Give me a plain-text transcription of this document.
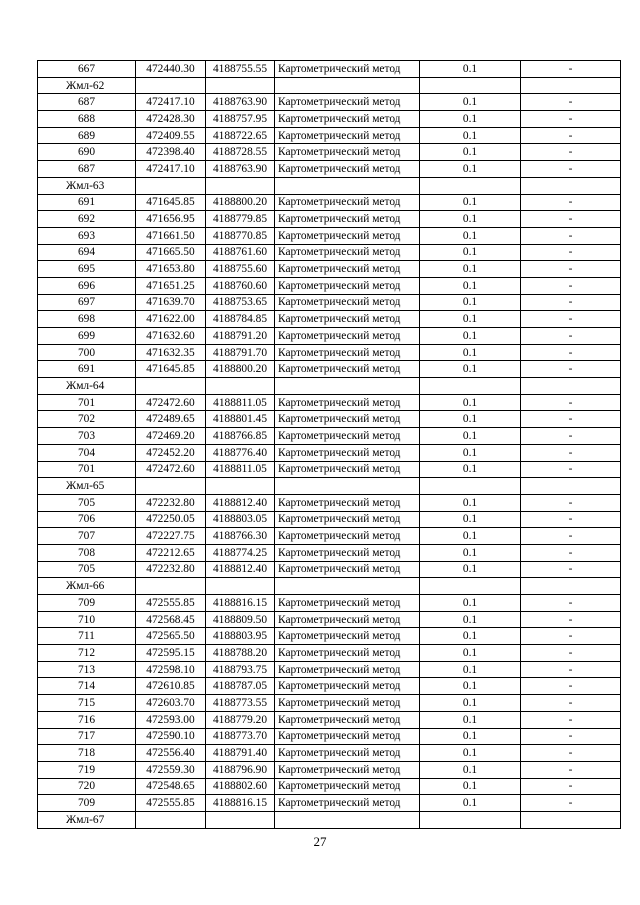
667	472440.30	4188755.55	Картометрический метод	0.1	-
Жмл-62					
687	472417.10	4188763.90	Картометрический метод	0.1	-
688	472428.30	4188757.95	Картометрический метод	0.1	-
689	472409.55	4188722.65	Картометрический метод	0.1	-
690	472398.40	4188728.55	Картометрический метод	0.1	-
687	472417.10	4188763.90	Картометрический метод	0.1	-
Жмл-63					
691	471645.85	4188800.20	Картометрический метод	0.1	-
692	471656.95	4188779.85	Картометрический метод	0.1	-
693	471661.50	4188770.85	Картометрический метод	0.1	-
694	471665.50	4188761.60	Картометрический метод	0.1	-
695	471653.80	4188755.60	Картометрический метод	0.1	-
696	471651.25	4188760.60	Картометрический метод	0.1	-
697	471639.70	4188753.65	Картометрический метод	0.1	-
698	471622.00	4188784.85	Картометрический метод	0.1	-
699	471632.60	4188791.20	Картометрический метод	0.1	-
700	471632.35	4188791.70	Картометрический метод	0.1	-
691	471645.85	4188800.20	Картометрический метод	0.1	-
Жмл-64					
701	472472.60	4188811.05	Картометрический метод	0.1	-
702	472489.65	4188801.45	Картометрический метод	0.1	-
703	472469.20	4188766.85	Картометрический метод	0.1	-
704	472452.20	4188776.40	Картометрический метод	0.1	-
701	472472.60	4188811.05	Картометрический метод	0.1	-
Жмл-65					
705	472232.80	4188812.40	Картометрический метод	0.1	-
706	472250.05	4188803.05	Картометрический метод	0.1	-
707	472227.75	4188766.30	Картометрический метод	0.1	-
708	472212.65	4188774.25	Картометрический метод	0.1	-
705	472232.80	4188812.40	Картометрический метод	0.1	-
Жмл-66					
709	472555.85	4188816.15	Картометрический метод	0.1	-
710	472568.45	4188809.50	Картометрический метод	0.1	-
711	472565.50	4188803.95	Картометрический метод	0.1	-
712	472595.15	4188788.20	Картометрический метод	0.1	-
713	472598.10	4188793.75	Картометрический метод	0.1	-
714	472610.85	4188787.05	Картометрический метод	0.1	-
715	472603.70	4188773.55	Картометрический метод	0.1	-
716	472593.00	4188779.20	Картометрический метод	0.1	-
717	472590.10	4188773.70	Картометрический метод	0.1	-
718	472556.40	4188791.40	Картометрический метод	0.1	-
719	472559.30	4188796.90	Картометрический метод	0.1	-
720	472548.65	4188802.60	Картометрический метод	0.1	-
709	472555.85	4188816.15	Картометрический метод	0.1	-
Жмл-67					
27
